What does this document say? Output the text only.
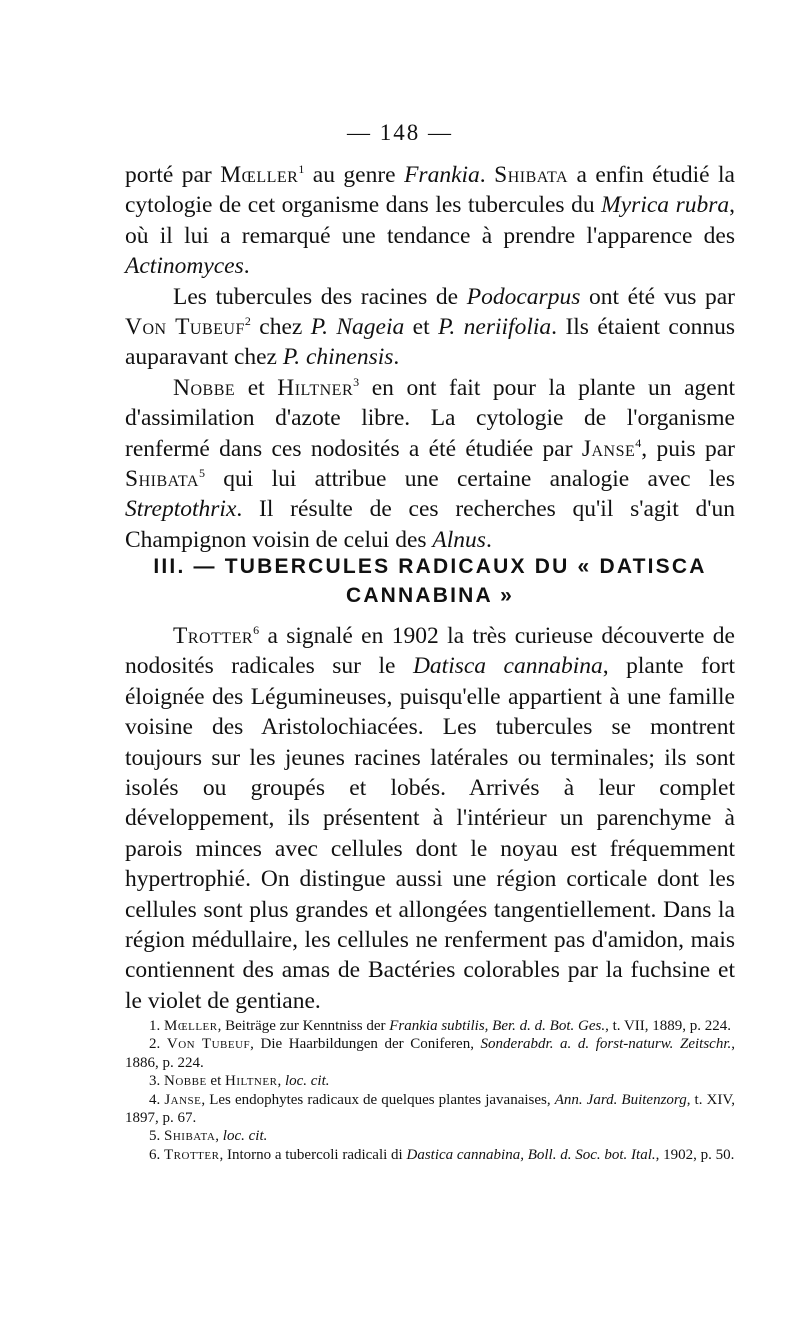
— 148 —

porté par Mœller$^1$ au genre Frankia. Shibata a enfin étudié la cytologie de cet organisme dans les tubercules du Myrica rubra, où il lui a remarqué une tendance à prendre l'apparence des Actinomyces.

Les tubercules des racines de Podocarpus ont été vus par Von Tubeuf$^2$ chez P. Nageia et P. neriifolia. Ils étaient connus auparavant chez P. chinensis.

Nobbe et Hiltner$^3$ en ont fait pour la plante un agent d'assimilation d'azote libre. La cytologie de l'organisme renfermé dans ces nodosités a été étudiée par Janse$^4$, puis par Shibata$^5$ qui lui attribue une certaine analogie avec les Streptothrix. Il résulte de ces recherches qu'il s'agit d'un Champignon voisin de celui des Alnus.

III. — TUBERCULES RADICAUX DU « DATISCA
CANNABINA »

Trotter$^6$ a signalé en 1902 la très curieuse découverte de nodosités radicales sur le Datisca cannabina, plante fort éloignée des Légumineuses, puisqu'elle appartient à une famille voisine des Aristolochiacées. Les tubercules se montrent toujours sur les jeunes racines latérales ou terminales; ils sont isolés ou groupés et lobés. Arrivés à leur complet développement, ils présentent à l'intérieur un parenchyme à parois minces avec cellules dont le noyau est fréquemment hypertrophié. On distingue aussi une région corticale dont les cellules sont plus grandes et allongées tangentiellement. Dans la région médullaire, les cellules ne renferment pas d'amidon, mais contiennent des amas de Bactéries colorables par la fuchsine et le violet de gentiane.

1. Mœller, Beiträge zur Kenntniss der Frankia subtilis, Ber. d. d. Bot. Ges., t. VII, 1889, p. 224.

2. Von Tubeuf, Die Haarbildungen der Coniferen, Sonderabdr. a. d. forst-naturw. Zeitschr., 1886, p. 224.

3. Nobbe et Hiltner, loc. cit.

4. Janse, Les endophytes radicaux de quelques plantes javanaises, Ann. Jard. Buitenzorg, t. XIV, 1897, p. 67.

5. Shibata, loc. cit.

6. Trotter, Intorno a tubercoli radicali di Dastica cannabina, Boll. d. Soc. bot. Ital., 1902, p. 50.
